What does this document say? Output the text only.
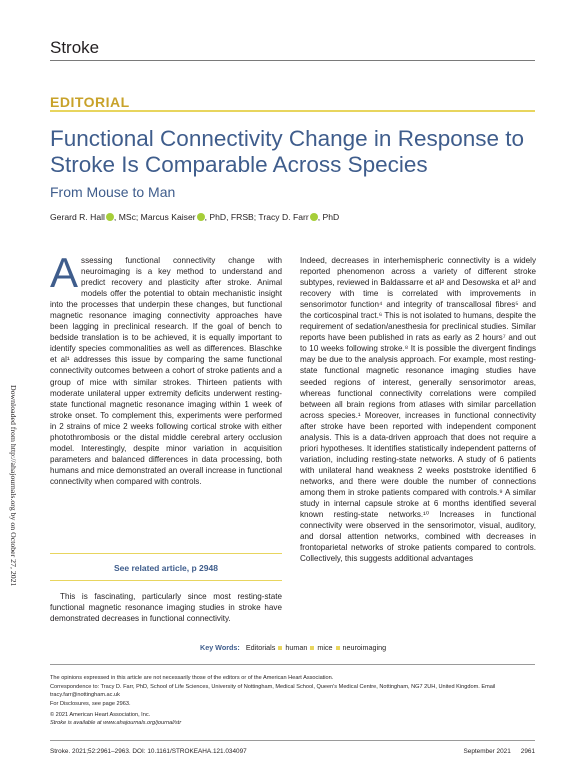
Stroke
EDITORIAL
Functional Connectivity Change in Response to Stroke Is Comparable Across Species
From Mouse to Man
Gerard R. Hall , MSc; Marcus Kaiser , PhD, FRSB; Tracy D. Farr , PhD
Downloaded from http://ahajournals.org by on October 27, 2021
Assessing functional connectivity change with neuroimaging is a key method to understand and predict recovery and plasticity after stroke. Animal models offer the potential to obtain mechanistic insight into the processes that underpin these changes, but functional magnetic resonance imaging connectivity approaches have been lagging in preclinical research. If the goal of bench to bedside translation is to be achieved, it is equally important to identify species commonalities as well as differences. Blaschke et al¹ addresses this issue by comparing the same functional connectivity outcomes between a cohort of stroke patients and a group of mice with similar strokes. Thirteen patients with moderate unilateral upper extremity deficits underwent resting-state functional magnetic resonance imaging within 1 week of stroke onset. To complement this, experiments were performed in 2 strains of mice 2 weeks following cortical stroke with either photothrombosis or the distal middle cerebral artery occlusion model. Interestingly, despite minor variation in acquisition parameters and balanced differences in data processing, both humans and mice demonstrated an overall increase in functional connectivity when compared with controls.
See related article, p 2948
This is fascinating, particularly since most resting-state functional magnetic resonance imaging studies in stroke have demonstrated decreases in functional connectivity.
Indeed, decreases in interhemispheric connectivity is a widely reported phenomenon across a variety of different stroke subtypes, reviewed in Baldassarre et al² and Desowska et al³ and recovery with time is correlated with improvements in sensorimotor function⁴ and integrity of transcallosal fibres⁵ and the corticospinal tract.⁶ This is not isolated to humans, despite the requirement of sedation/anesthesia for preclinical studies. Similar reports have been published in rats as early as 2 hours⁷ and out to 10 weeks following stroke.⁸ It is possible the divergent findings may be due to the analysis approach. For example, most resting-state functional magnetic resonance imaging studies have seeded regions of interest, generally sensorimotor areas, whereas functional connectivity correlations were compiled between all brain regions from atlases with similar parcellation across species.¹ Moreover, increases in functional connectivity after stroke have been reported with independent component analysis. This is a data-driven approach that does not require a priori hypotheses. It identifies statistically independent patterns of variation, including resting-state networks. A study of 6 patients with unilateral hand weakness 2 weeks poststroke identified 6 networks, and there were double the number of connections among them in stroke patients compared with controls.⁹ A similar study in internal capsule stroke at 6 months identified several known resting-state networks.¹⁰ Increases in functional connectivity were observed in the sensorimotor, visual, auditory, and dorsal attention networks, combined with decreases in frontoparietal networks of stroke patients compared to controls. Collectively, this suggests additional advantages
Key Words: Editorials human mice neuroimaging
The opinions expressed in this article are not necessarily those of the editors or of the American Heart Association.
Correspondence to: Tracy D. Farr, PhD, School of Life Sciences, University of Nottingham, Medical School, Queen's Medical Centre, Nottingham, NG7 2UH, United Kingdom. Email tracy.farr@nottingham.ac.uk
For Disclosures, see page 2963.
© 2021 American Heart Association, Inc.
Stroke is available at www.ahajournals.org/journal/str
Stroke. 2021;52:2961–2963. DOI: 10.1161/STROKEAHA.121.034097	September 2021 2961
